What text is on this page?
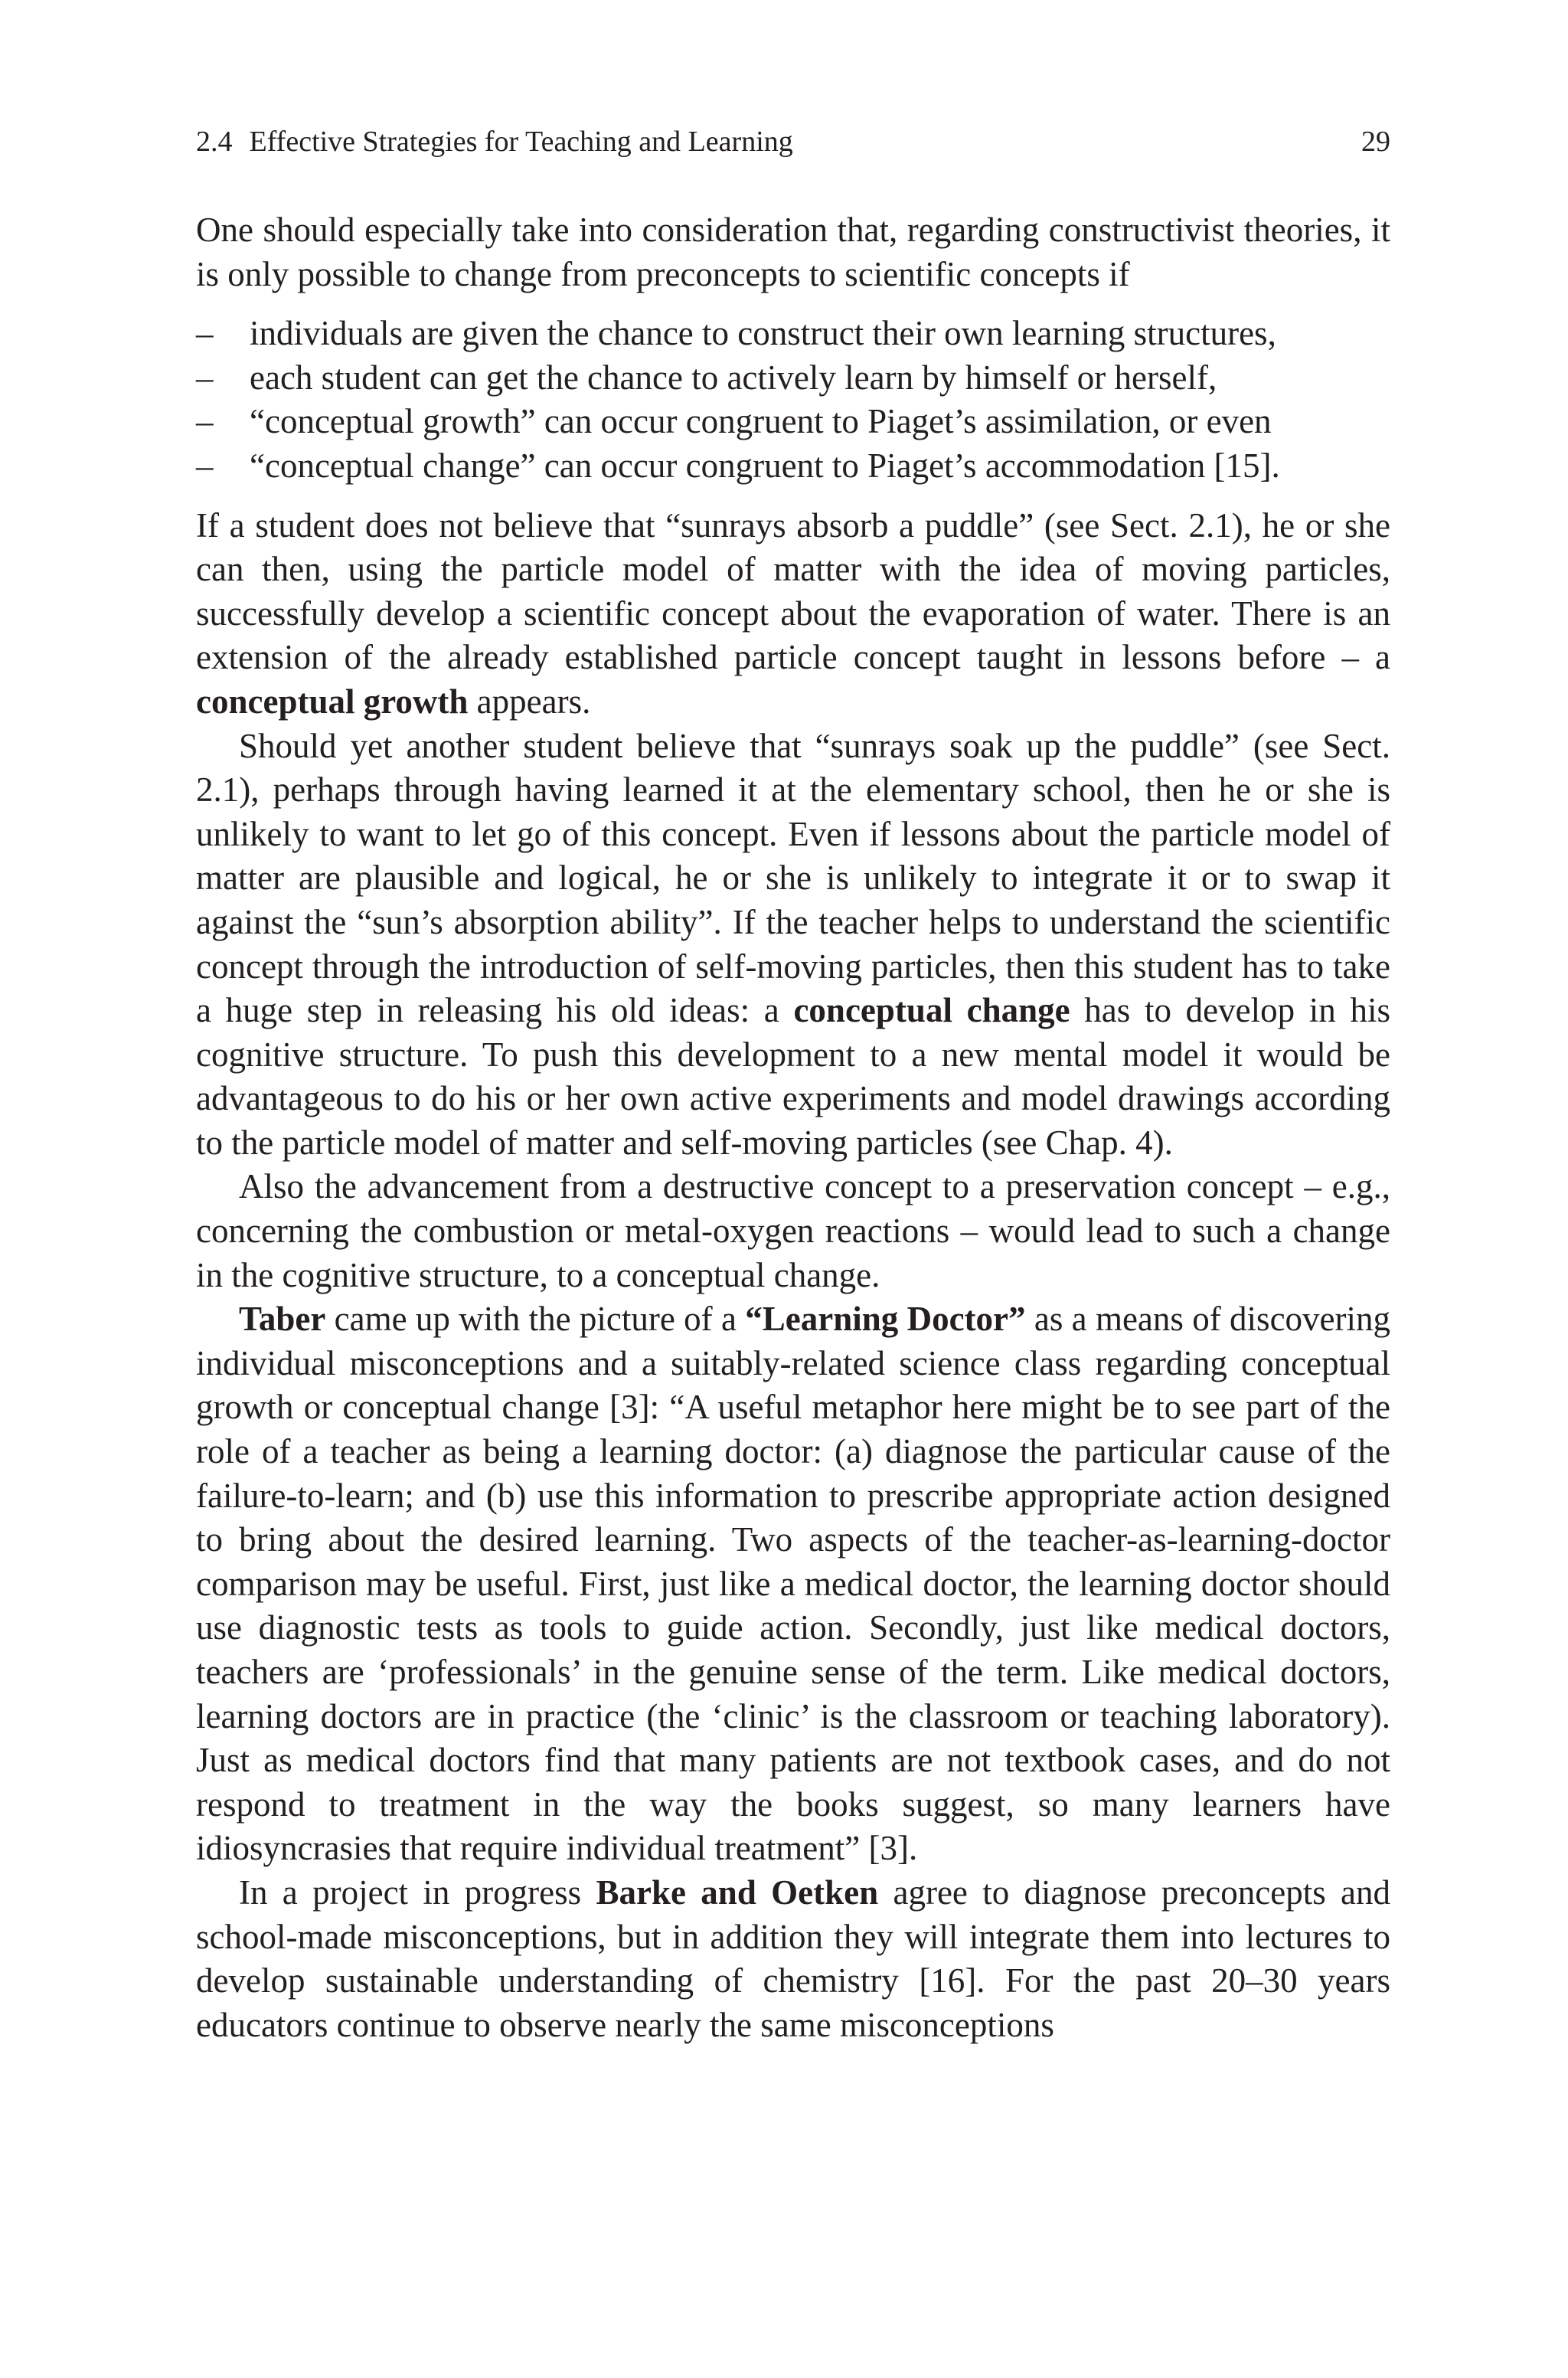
2.4 Effective Strategies for Teaching and Learning	29

One should especially take into consideration that, regarding constructivist theories, it is only possible to change from preconcepts to scientific concepts if

– individuals are given the chance to construct their own learning structures,
– each student can get the chance to actively learn by himself or herself,
– “conceptual growth” can occur congruent to Piaget’s assimilation, or even
– “conceptual change” can occur congruent to Piaget’s accommodation [15].

If a student does not believe that “sunrays absorb a puddle” (see Sect. 2.1), he or she can then, using the particle model of matter with the idea of moving particles, successfully develop a scientific concept about the evaporation of water. There is an extension of the already established particle concept taught in lessons before – a conceptual growth appears.

Should yet another student believe that “sunrays soak up the puddle” (see Sect. 2.1), perhaps through having learned it at the elementary school, then he or she is unlikely to want to let go of this concept. Even if lessons about the particle model of matter are plausible and logical, he or she is unlikely to integrate it or to swap it against the “sun’s absorption ability”. If the teacher helps to understand the scientific concept through the introduction of self-moving particles, then this student has to take a huge step in releasing his old ideas: a conceptual change has to develop in his cognitive structure. To push this development to a new mental model it would be advantageous to do his or her own active experiments and model drawings according to the particle model of matter and self-moving particles (see Chap. 4).

Also the advancement from a destructive concept to a preservation concept – e.g., concerning the combustion or metal-oxygen reactions – would lead to such a change in the cognitive structure, to a conceptual change.

Taber came up with the picture of a “Learning Doctor” as a means of discovering individual misconceptions and a suitably-related science class regarding conceptual growth or conceptual change [3]: “A useful metaphor here might be to see part of the role of a teacher as being a learning doctor: (a) diagnose the particular cause of the failure-to-learn; and (b) use this information to prescribe appropriate action designed to bring about the desired learning. Two aspects of the teacher-as-learning-doctor comparison may be useful. First, just like a medical doctor, the learning doctor should use diagnostic tests as tools to guide action. Secondly, just like medical doctors, teachers are ‘professionals’ in the genuine sense of the term. Like medical doctors, learning doctors are in practice (the ‘clinic’ is the classroom or teaching laboratory). Just as medical doctors find that many patients are not textbook cases, and do not respond to treatment in the way the books suggest, so many learners have idiosyncrasies that require individual treatment” [3].

In a project in progress Barke and Oetken agree to diagnose preconcepts and school-made misconceptions, but in addition they will integrate them into lectures to develop sustainable understanding of chemistry [16]. For the past 20–30 years educators continue to observe nearly the same misconceptions
